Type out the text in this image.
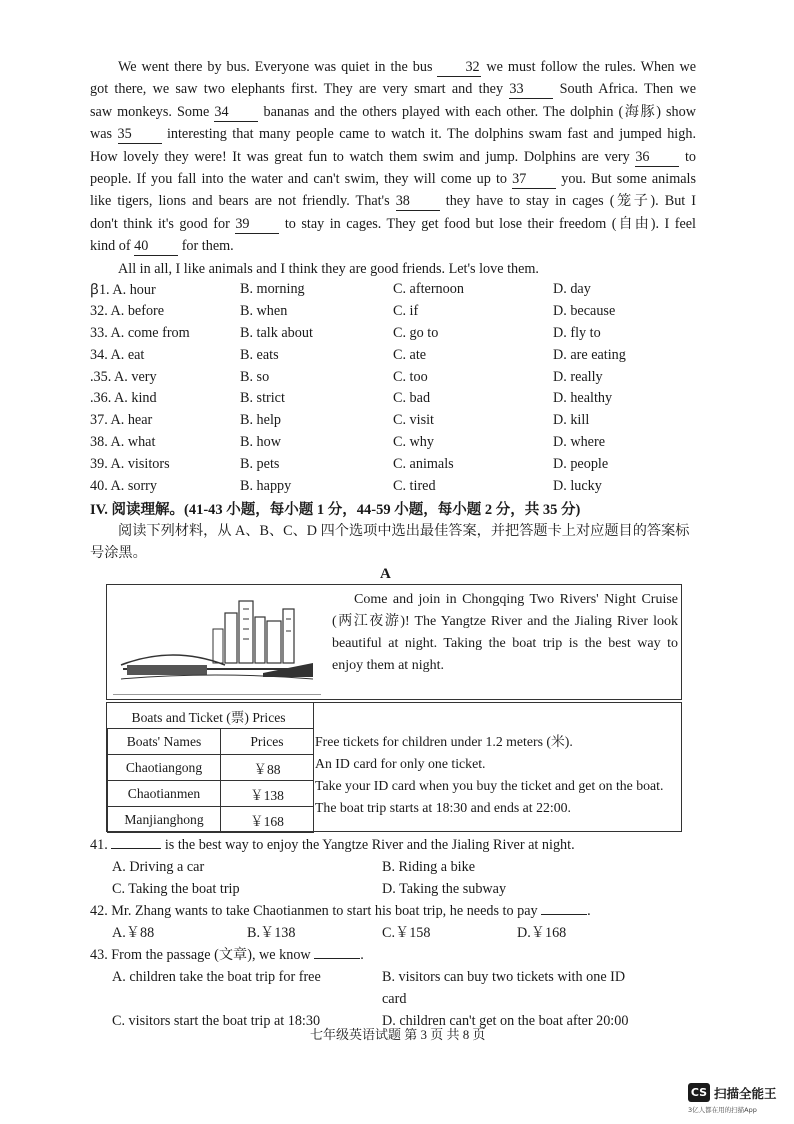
We went there by bus. Everyone was quiet in the bus 32 we must follow the rules. When we

got there, we saw two elephants first. They are very smart and they 33 South Africa. Then we

saw monkeys. Some 34 bananas and the others played with each other. The dolphin (海豚) show

was 35 interesting that many people came to watch it. The dolphins swam fast and jumped high.

How lovely they were! It was great fun to watch them swim and jump. Dolphins are very 36 to

people. If you fall into the water and can't swim, they will come up to 37 you. But some animals

like tigers, lions and bears are not friendly. That's 38 they have to stay in cages (笼子). But I

don't think it's good for 39 to stay in cages. They get food but lose their freedom (自由). I feel

kind of 40 for them.

All in all, I like animals and I think they are good friends. Let's love them.

ꞵ1. A. hour	B. morning	C. afternoon	D. day
32. A. before	B. when	C. if	D. because
33. A. come from	B. talk about	C. go to	D. fly to
34. A. eat	B. eats	C. ate	D. are eating
.35. A. very	B. so	C. too	D. really
.36. A. kind	B. strict	C. bad	D. healthy
37. A. hear	B. help	C. visit	D. kill
38. A. what	B. how	C. why	D. where
39. A. visitors	B. pets	C. animals	D. people
40. A. sorry	B. happy	C. tired	D. lucky
IV. 阅读理解。(41-43 小题，每小题 1 分，44-59 小题，每小题 2 分，共 35 分)
阅读下列材料，从 A、B、C、D 四个选项中选出最佳答案，并把答题卡上对应题目的答案标号涂黑。
A

Come and join in Chongqing Two Rivers' Night Cruise (两江夜游)! The Yangtze River and the Jialing River look beautiful at night. Taking the boat trip is the best way to enjoy them at night.

Boats and Ticket (票) Prices	
Boats' Names	Prices
Chaotiangong	￥88
Chaotianmen	￥138
Manjianghong	￥168
Free tickets for children under 1.2 meters (米).
An ID card for only one ticket.
Take your ID card when you buy the ticket and get on the boat.
The boat trip starts at 18:30 and ends at 22:00.

41.	is the best way to enjoy the Yangtze River and the Jialing River at night.

A. Driving a car	B. Riding a bike
C. Taking the boat trip	D. Taking the subway

42. Mr. Zhang wants to take Chaotianmen to start his boat trip, he needs to pay	.

A.￥88	B.￥138	C.￥158	D.￥168

43. From the passage (文章), we know	.

A. children take the boat trip for free	B. visitors can buy two tickets with one ID card
C. visitors start the boat trip at 18:30	D. children can't get on the boat after 20:00
七年级英语试题 第 3 页 共 8 页
CS 扫描全能王
3亿人都在用的扫描App
